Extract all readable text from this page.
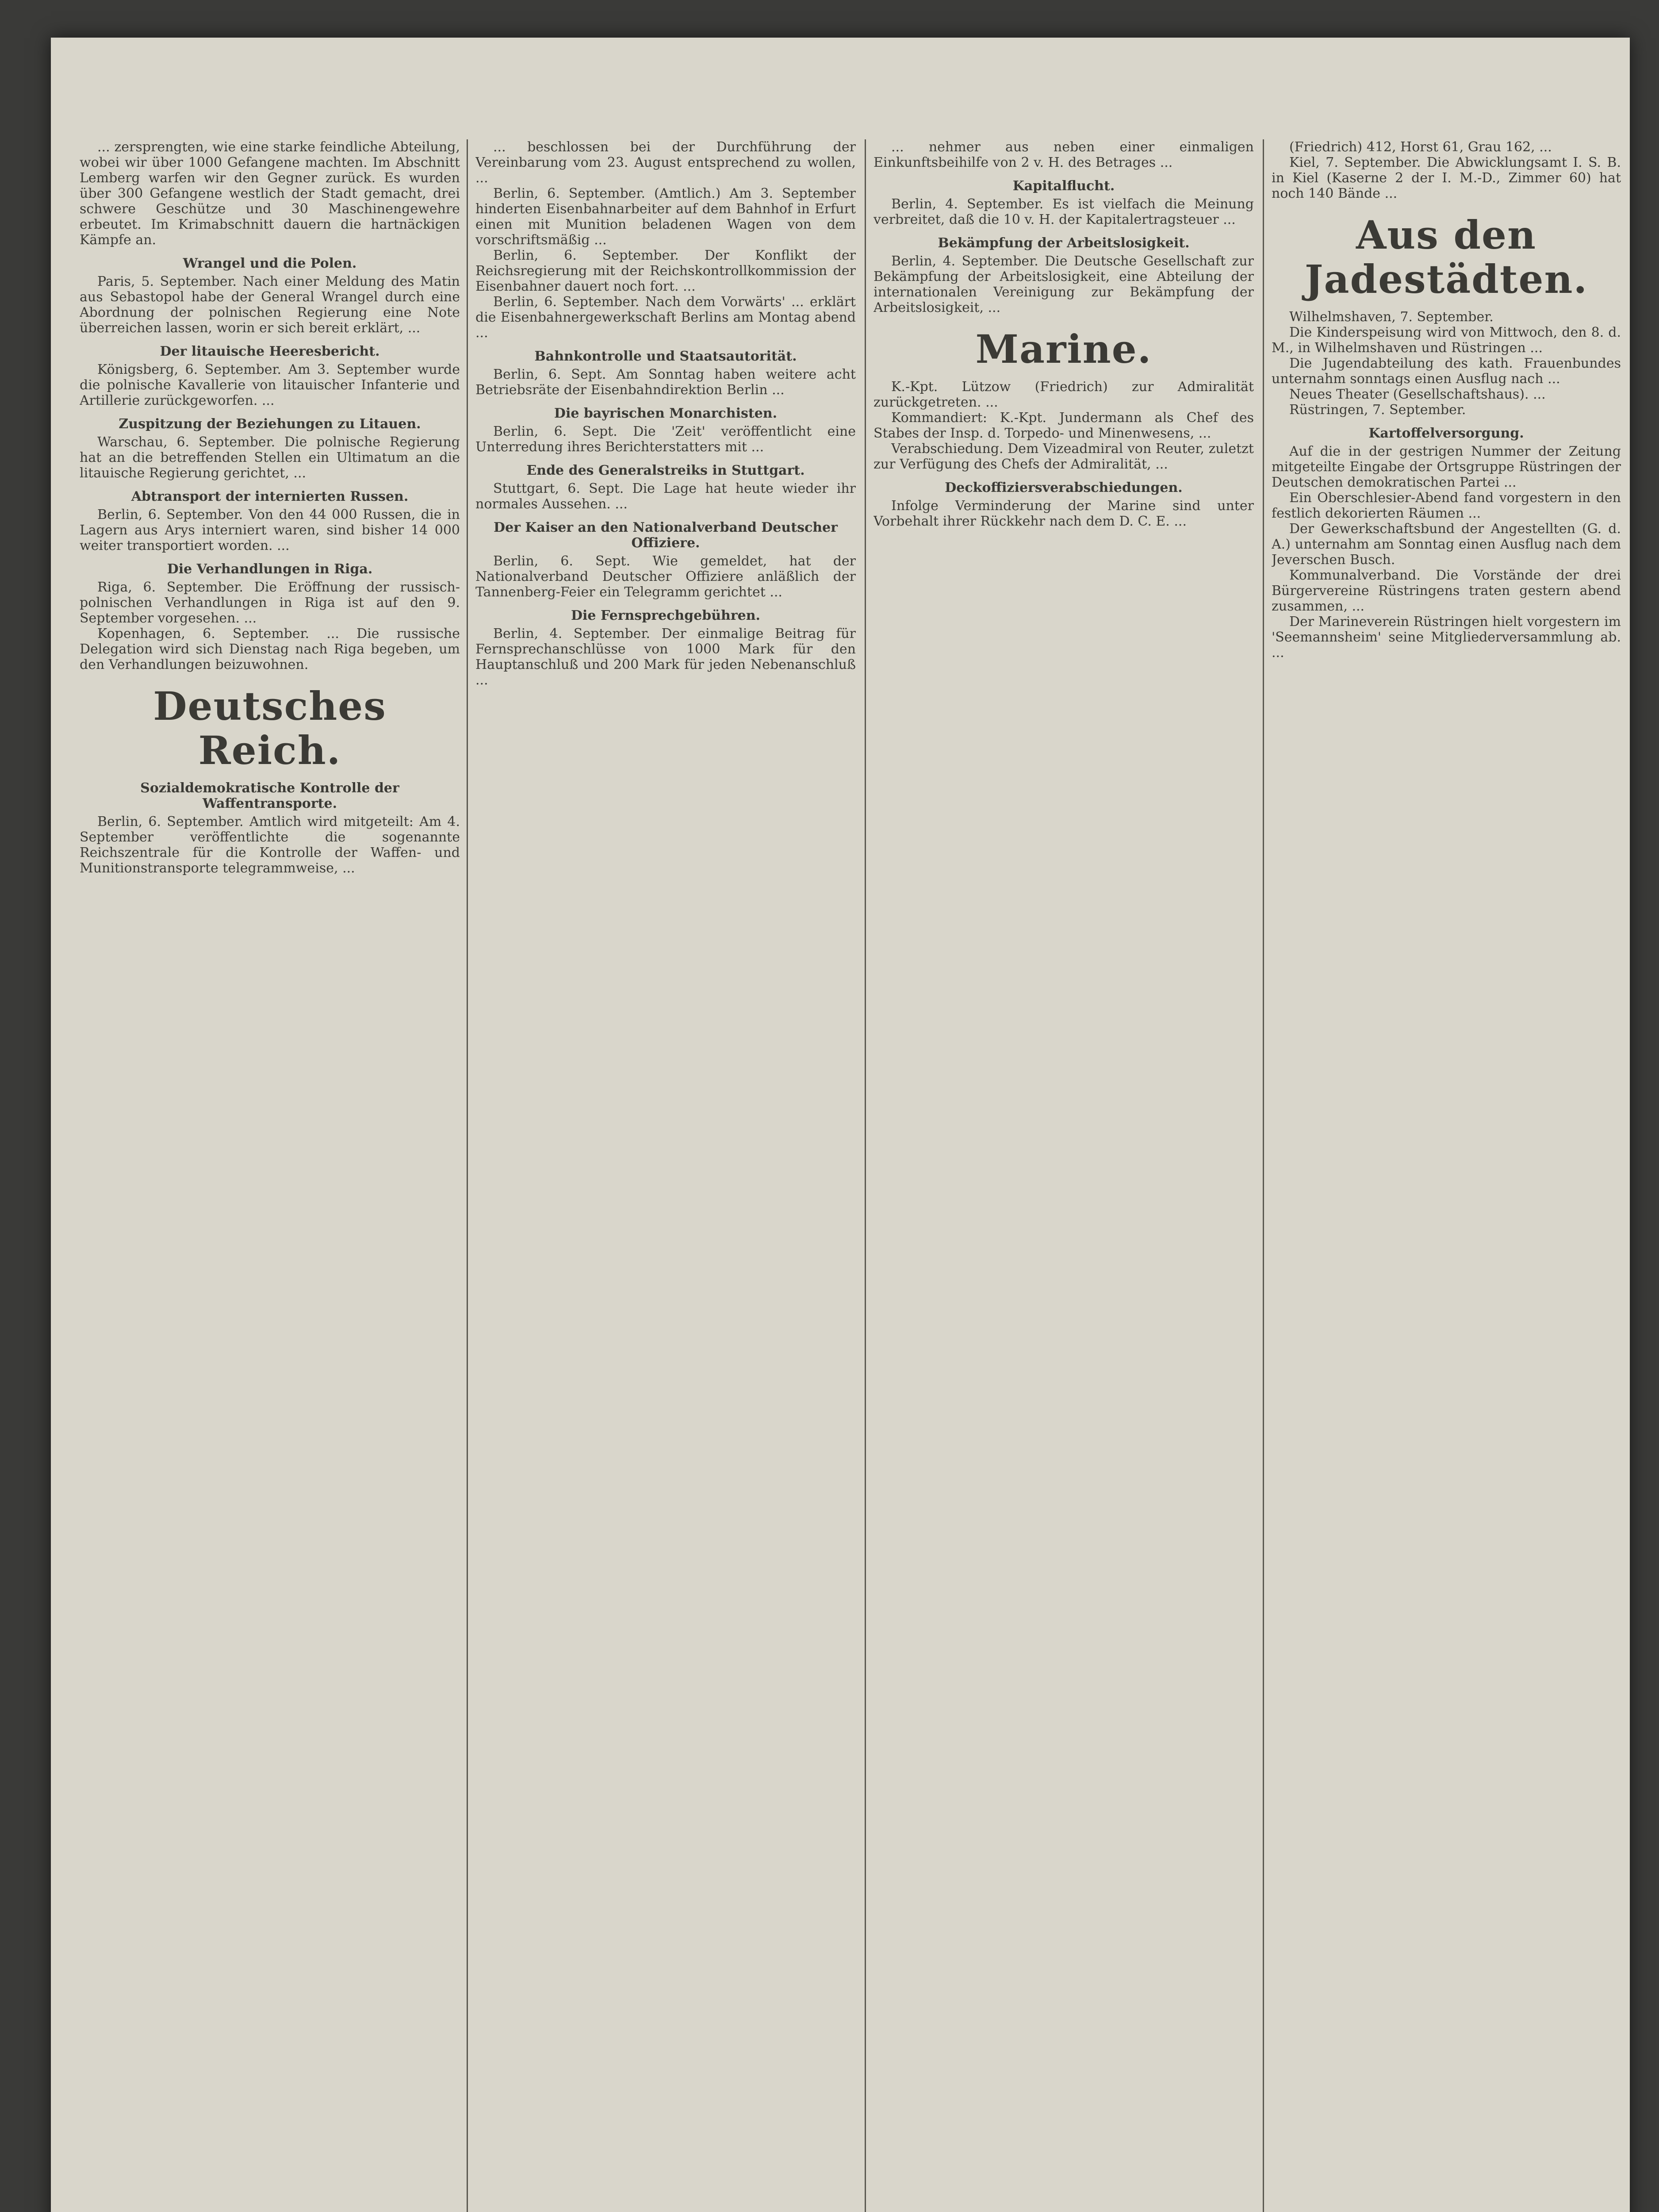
... zersprengten, wie eine starke feindliche Abteilung, wobei wir über 1000 Gefangene machten. Im Abschnitt Lemberg warfen wir den Gegner zurück. Es wurden über 300 Gefangene westlich der Stadt gemacht, drei schwere Geschütze und 30 Maschinengewehre erbeutet. Im Krimabschnitt dauern die hartnäckigen Kämpfe an.

Wrangel und die Polen.

Paris, 5. September. Nach einer Meldung des Matin aus Sebastopol habe der General Wrangel durch eine Abordnung der polnischen Regierung eine Note überreichen lassen, worin er sich bereit erklärt, ...

Der litauische Heeresbericht.

Königsberg, 6. September. Am 3. September wurde die polnische Kavallerie von litauischer Infanterie und Artillerie zurückgeworfen. ...

Zuspitzung der Beziehungen zu Litauen.

Warschau, 6. September. Die polnische Regierung hat an die betreffenden Stellen ein Ultimatum an die litauische Regierung gerichtet, ...

Abtransport der internierten Russen.

Berlin, 6. September. Von den 44 000 Russen, die in Lagern aus Arys interniert waren, sind bisher 14 000 weiter transportiert worden. ...

Die Verhandlungen in Riga.

Riga, 6. September. Die Eröffnung der russisch-polnischen Verhandlungen in Riga ist auf den 9. September vorgesehen. ...

Kopenhagen, 6. September. ... Die russische Delegation wird sich Dienstag nach Riga begeben, um den Verhandlungen beizuwohnen.

Deutsches Reich.

Sozialdemokratische Kontrolle der Waffentransporte.

Berlin, 6. September. Amtlich wird mitgeteilt: Am 4. September veröffentlichte die sogenannte Reichszentrale für die Kontrolle der Waffen- und Munitionstransporte telegrammweise, ...

... beschlossen bei der Durchführung der Vereinbarung vom 23. August entsprechend zu wollen, ...

Berlin, 6. September. (Amtlich.) Am 3. September hinderten Eisenbahnarbeiter auf dem Bahnhof in Erfurt einen mit Munition beladenen Wagen von dem vorschriftsmäßig ...

Berlin, 6. September. Der Konflikt der Reichsregierung mit der Reichskontrollkommission der Eisenbahner dauert noch fort. ...

Berlin, 6. September. Nach dem Vorwärts' ... erklärt die Eisenbahnergewerkschaft Berlins am Montag abend ...

Bahnkontrolle und Staatsautorität.

Berlin, 6. Sept. Am Sonntag haben weitere acht Betriebsräte der Eisenbahndirektion Berlin ...

Die bayrischen Monarchisten.

Berlin, 6. Sept. Die 'Zeit' veröffentlicht eine Unterredung ihres Berichterstatters mit ...

Ende des Generalstreiks in Stuttgart.

Stuttgart, 6. Sept. Die Lage hat heute wieder ihr normales Aussehen. ...

Der Kaiser an den Nationalverband Deutscher Offiziere.

Berlin, 6. Sept. Wie gemeldet, hat der Nationalverband Deutscher Offiziere anläßlich der Tannenberg-Feier ein Telegramm gerichtet ...

Die Fernsprechgebühren.

Berlin, 4. September. Der einmalige Beitrag für Fernsprechanschlüsse von 1000 Mark für den Hauptanschluß und 200 Mark für jeden Nebenanschluß ...

... nehmer aus neben einer einmaligen Einkunftsbeihilfe von 2 v. H. des Betrages ...

Kapitalflucht.

Berlin, 4. September. Es ist vielfach die Meinung verbreitet, daß die 10 v. H. der Kapitalertragsteuer ...

Bekämpfung der Arbeitslosigkeit.

Berlin, 4. September. Die Deutsche Gesellschaft zur Bekämpfung der Arbeitslosigkeit, eine Abteilung der internationalen Vereinigung zur Bekämpfung der Arbeitslosigkeit, ...

Marine.

K.-Kpt. Lützow (Friedrich) zur Admiralität zurückgetreten. ...

Kommandiert: K.-Kpt. Jundermann als Chef des Stabes der Insp. d. Torpedo- und Minenwesens, ...

Verabschiedung. Dem Vizeadmiral von Reuter, zuletzt zur Verfügung des Chefs der Admiralität, ...

Deckoffiziersverabschiedungen.

Infolge Verminderung der Marine sind unter Vorbehalt ihrer Rückkehr nach dem D. C. E. ...

(Friedrich) 412, Horst 61, Grau 162, ...

Kiel, 7. September. Die Abwicklungsamt I. S. B. in Kiel (Kaserne 2 der I. M.-D., Zimmer 60) hat noch 140 Bände ...

Aus den Jadestädten.

Wilhelmshaven, 7. September.

Die Kinderspeisung wird von Mittwoch, den 8. d. M., in Wilhelmshaven und Rüstringen ...

Die Jugendabteilung des kath. Frauenbundes unternahm sonntags einen Ausflug nach ...

Neues Theater (Gesellschaftshaus). ...

Rüstringen, 7. September.

Kartoffelversorgung.

Auf die in der gestrigen Nummer der Zeitung mitgeteilte Eingabe der Ortsgruppe Rüstringen der Deutschen demokratischen Partei ...

Ein Oberschlesier-Abend fand vorgestern in den festlich dekorierten Räumen ...

Der Gewerkschaftsbund der Angestellten (G. d. A.) unternahm am Sonntag einen Ausflug nach dem Jeverschen Busch.

Kommunalverband. Die Vorstände der drei Bürgervereine Rüstringens traten gestern abend zusammen, ...

Der Marineverein Rüstringen hielt vorgestern im 'Seemannsheim' seine Mitgliederversammlung ab. ...
